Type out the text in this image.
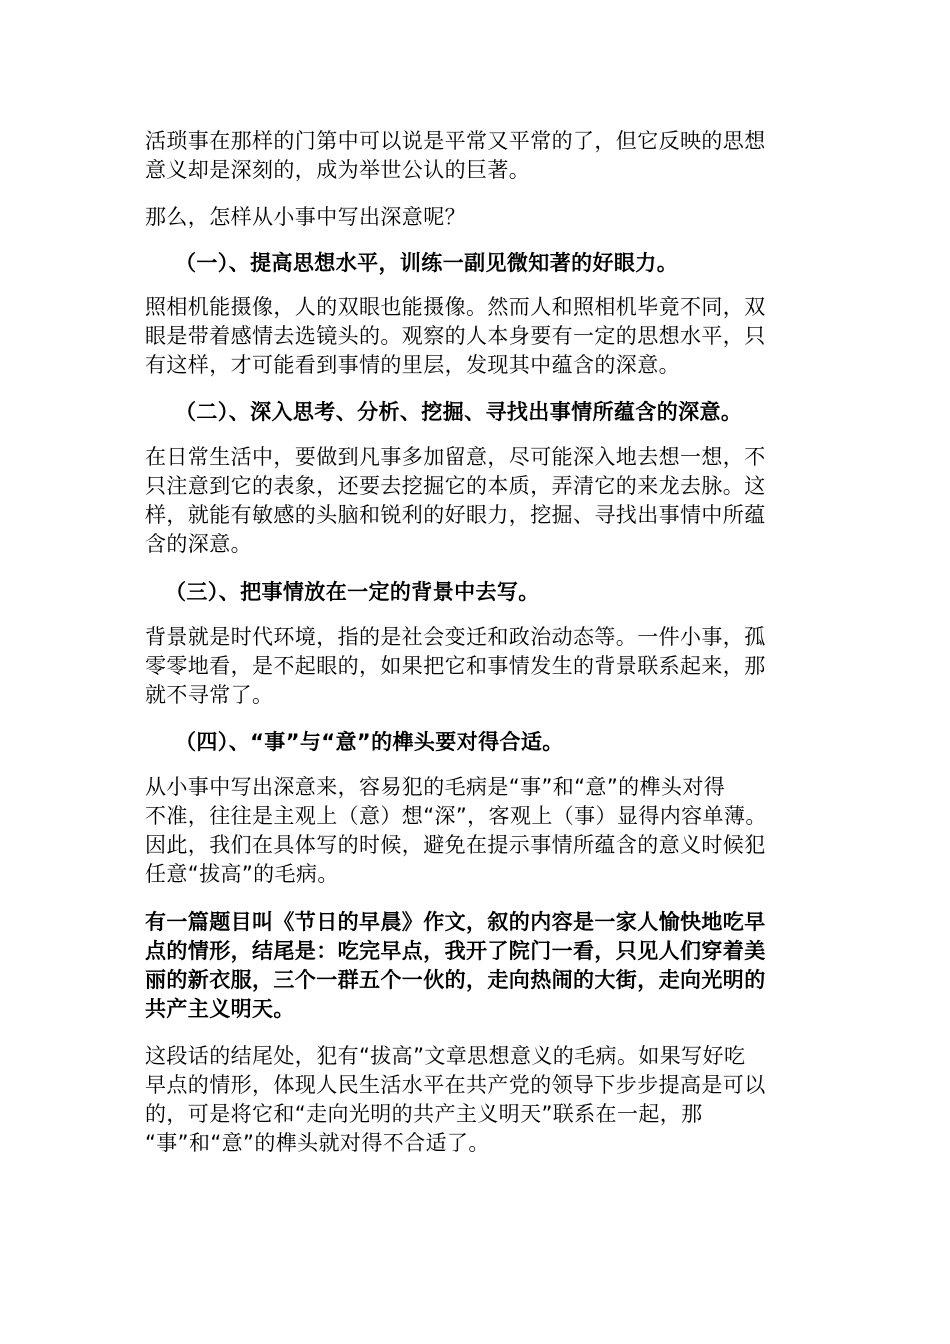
活琐事在那样的门第中可以说是平常又平常的了，但它反映的思想
意义却是深刻的，成为举世公认的巨著。
那么，怎样从小事中写出深意呢？
（一）、提高思想水平，训练一副见微知著的好眼力。
照相机能摄像，人的双眼也能摄像。然而人和照相机毕竟不同，双
眼是带着感情去选镜头的。观察的人本身要有一定的思想水平，只
有这样，才可能看到事情的里层，发现其中蕴含的深意。
（二）、深入思考、分析、挖掘、寻找出事情所蕴含的深意。
在日常生活中，要做到凡事多加留意，尽可能深入地去想一想，不
只注意到它的表象，还要去挖掘它的本质，弄清它的来龙去脉。这
样，就能有敏感的头脑和锐利的好眼力，挖掘、寻找出事情中所蕴
含的深意。
（三）、把事情放在一定的背景中去写。
背景就是时代环境，指的是社会变迁和政治动态等。一件小事，孤
零零地看，是不起眼的，如果把它和事情发生的背景联系起来，那
就不寻常了。
（四）、“事”与“意”的榫头要对得合适。
从小事中写出深意来，容易犯的毛病是“事”和“意”的榫头对得
不准，往往是主观上（意）想“深”，客观上（事）显得内容单薄。
因此，我们在具体写的时候，避免在提示事情所蕴含的意义时候犯
任意“拔高”的毛病。
有一篇题目叫《节日的早晨》作文，叙的内容是一家人愉快地吃早
点的情形，结尾是：吃完早点，我开了院门一看，只见人们穿着美
丽的新衣服，三个一群五个一伙的，走向热闹的大街，走向光明的
共产主义明天。
这段话的结尾处，犯有“拔高”文章思想意义的毛病。如果写好吃
早点的情形，体现人民生活水平在共产党的领导下步步提高是可以
的，可是将它和“走向光明的共产主义明天”联系在一起，那
“事”和“意”的榫头就对得不合适了。
